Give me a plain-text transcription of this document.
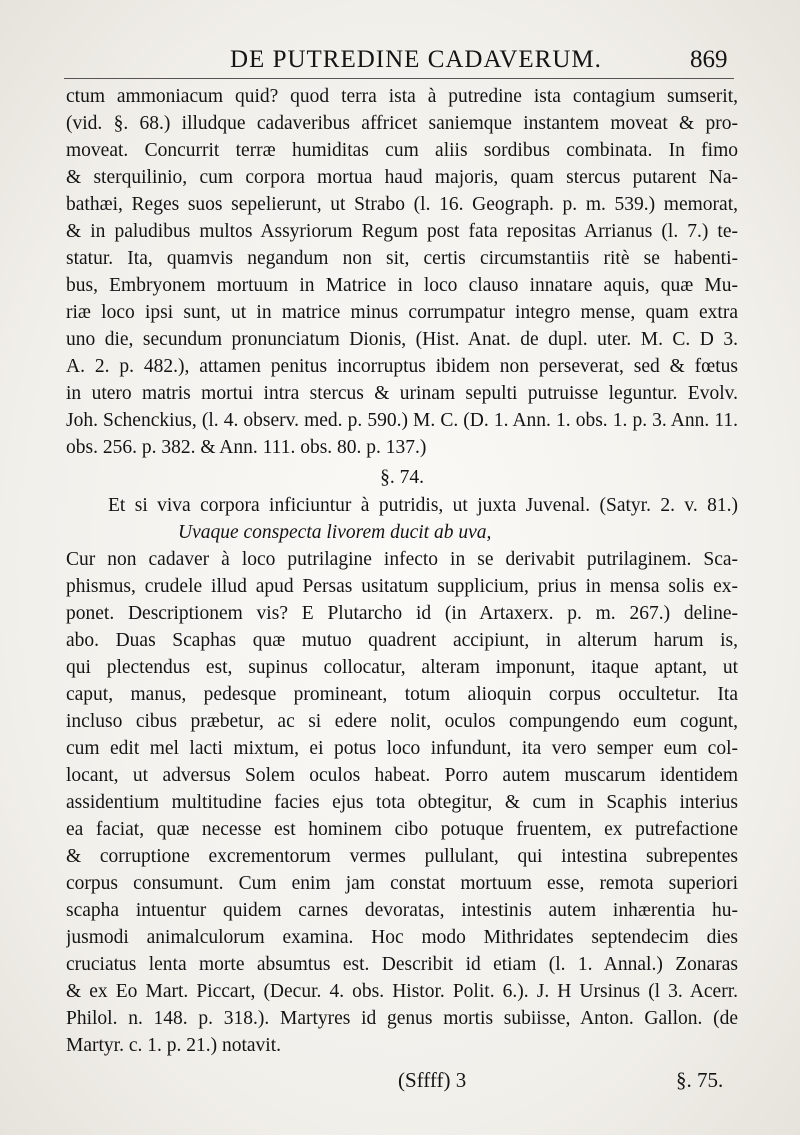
DE PUTREDINE CADAVERUM.	869
ctum ammoniacum quid? quod terra ista à putredine ista contagium sumserit,
(vid. §. 68.) illudque cadaveribus affricet saniemque instantem moveat & pro-
moveat. Concurrit terræ humiditas cum aliis sordibus combinata. In fimo
& sterquilinio, cum corpora mortua haud majoris, quam stercus putarent Na-
bathæi, Reges suos sepelierunt, ut Strabo (l. 16. Geograph. p. m. 539.) memorat,
& in paludibus multos Assyriorum Regum post fata repositas Arrianus (l. 7.) te-
statur. Ita, quamvis negandum non sit, certis circumstantiis ritè se habenti-
bus, Embryonem mortuum in Matrice in loco clauso innatare aquis, quæ Mu-
riæ loco ipsi sunt, ut in matrice minus corrumpatur integro mense, quam extra
uno die, secundum pronunciatum Dionis, (Hist. Anat. de dupl. uter. M. C. D 3.
A. 2. p. 482.), attamen penitus incorruptus ibidem non perseverat, sed & fœtus
in utero matris mortui intra stercus & urinam sepulti putruisse leguntur. Evolv.
Joh. Schenckius, (l. 4. observ. med. p. 590.) M. C. (D. 1. Ann. 1. obs. 1. p. 3. Ann. 11.
obs. 256. p. 382. & Ann. 111. obs. 80. p. 137.)
§. 74.
Et si viva corpora inficiuntur à putridis, ut juxta Juvenal. (Satyr. 2. v. 81.)
Uvaque conspecta livorem ducit ab uva,
Cur non cadaver à loco putrilagine infecto in se derivabit putrilaginem. Sca-
phismus, crudele illud apud Persas usitatum supplicium, prius in mensa solis ex-
ponet. Descriptionem vis? E Plutarcho id (in Artaxerx. p. m. 267.) deline-
abo. Duas Scaphas quæ mutuo quadrent accipiunt, in alterum harum is,
qui plectendus est, supinus collocatur, alteram imponunt, itaque aptant, ut
caput, manus, pedesque promineant, totum alioquin corpus occultetur. Ita
incluso cibus præbetur, ac si edere nolit, oculos compungendo eum cogunt,
cum edit mel lacti mixtum, ei potus loco infundunt, ita vero semper eum col-
locant, ut adversus Solem oculos habeat. Porro autem muscarum identidem
assidentium multitudine facies ejus tota obtegitur, & cum in Scaphis interius
ea faciat, quæ necesse est hominem cibo potuque fruentem, ex putrefactione
& corruptione excrementorum vermes pullulant, qui intestina subrepentes
corpus consumunt. Cum enim jam constat mortuum esse, remota superiori
scapha intuentur quidem carnes devoratas, intestinis autem inhærentia hu-
jusmodi animalculorum examina. Hoc modo Mithridates septendecim dies
cruciatus lenta morte absumtus est. Describit id etiam (l. 1. Annal.) Zonaras
& ex Eo Mart. Piccart, (Decur. 4. obs. Histor. Polit. 6.). J. H Ursinus (l 3. Acerr.
Philol. n. 148. p. 318.). Martyres id genus mortis subiisse, Anton. Gallon. (de
Martyr. c. 1. p. 21.) notavit.
(Sffff) 3	§. 75.
